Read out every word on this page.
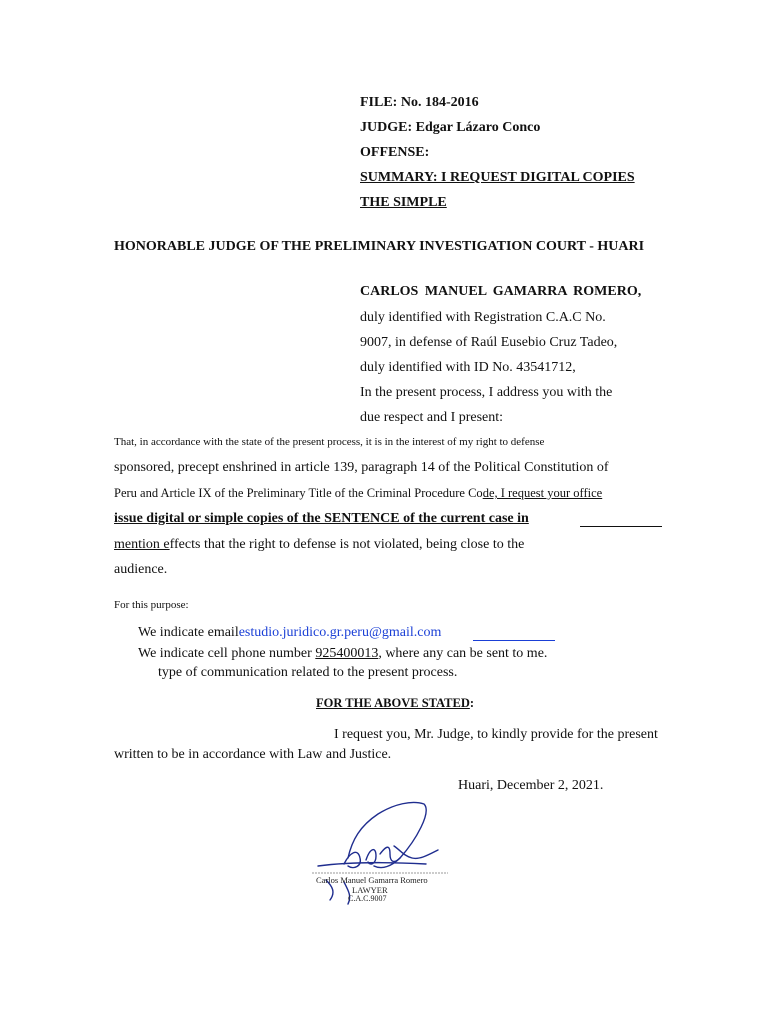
FILE: No. 184-2016
JUDGE: Edgar Lázaro Conco
OFFENSE:
SUMMARY: I REQUEST DIGITAL COPIES
THE SIMPLE
HONORABLE JUDGE OF THE PRELIMINARY INVESTIGATION COURT - HUARI
CARLOS MANUEL GAMARRA ROMERO,
duly identified with Registration C.A.C No.
9007, in defense of Raúl Eusebio Cruz Tadeo,
duly identified with ID No. 43541712,
In the present process, I address you with the
due respect and I present:
That, in accordance with the state of the present process, it is in the interest of my right to defense
sponsored, precept enshrined in article 139, paragraph 14 of the Political Constitution of
Peru and Article IX of the Preliminary Title of the Criminal Procedure Code, I request your office
issue digital or simple copies of the SENTENCE of the current case in
mention effects that the right to defense is not violated, being close to the
audience.
For this purpose:
We indicate emailestudio.juridico.gr.peru@gmail.com
We indicate cell phone number 925400013, where any can be sent to me.
type of communication related to the present process.
FOR THE ABOVE STATED:
I request you, Mr. Judge, to kindly provide for the present
written to be in accordance with Law and Justice.
Huari, December 2, 2021.
Carlos Manuel Gamarra Romero
LAWYER
C.A.C.9007
